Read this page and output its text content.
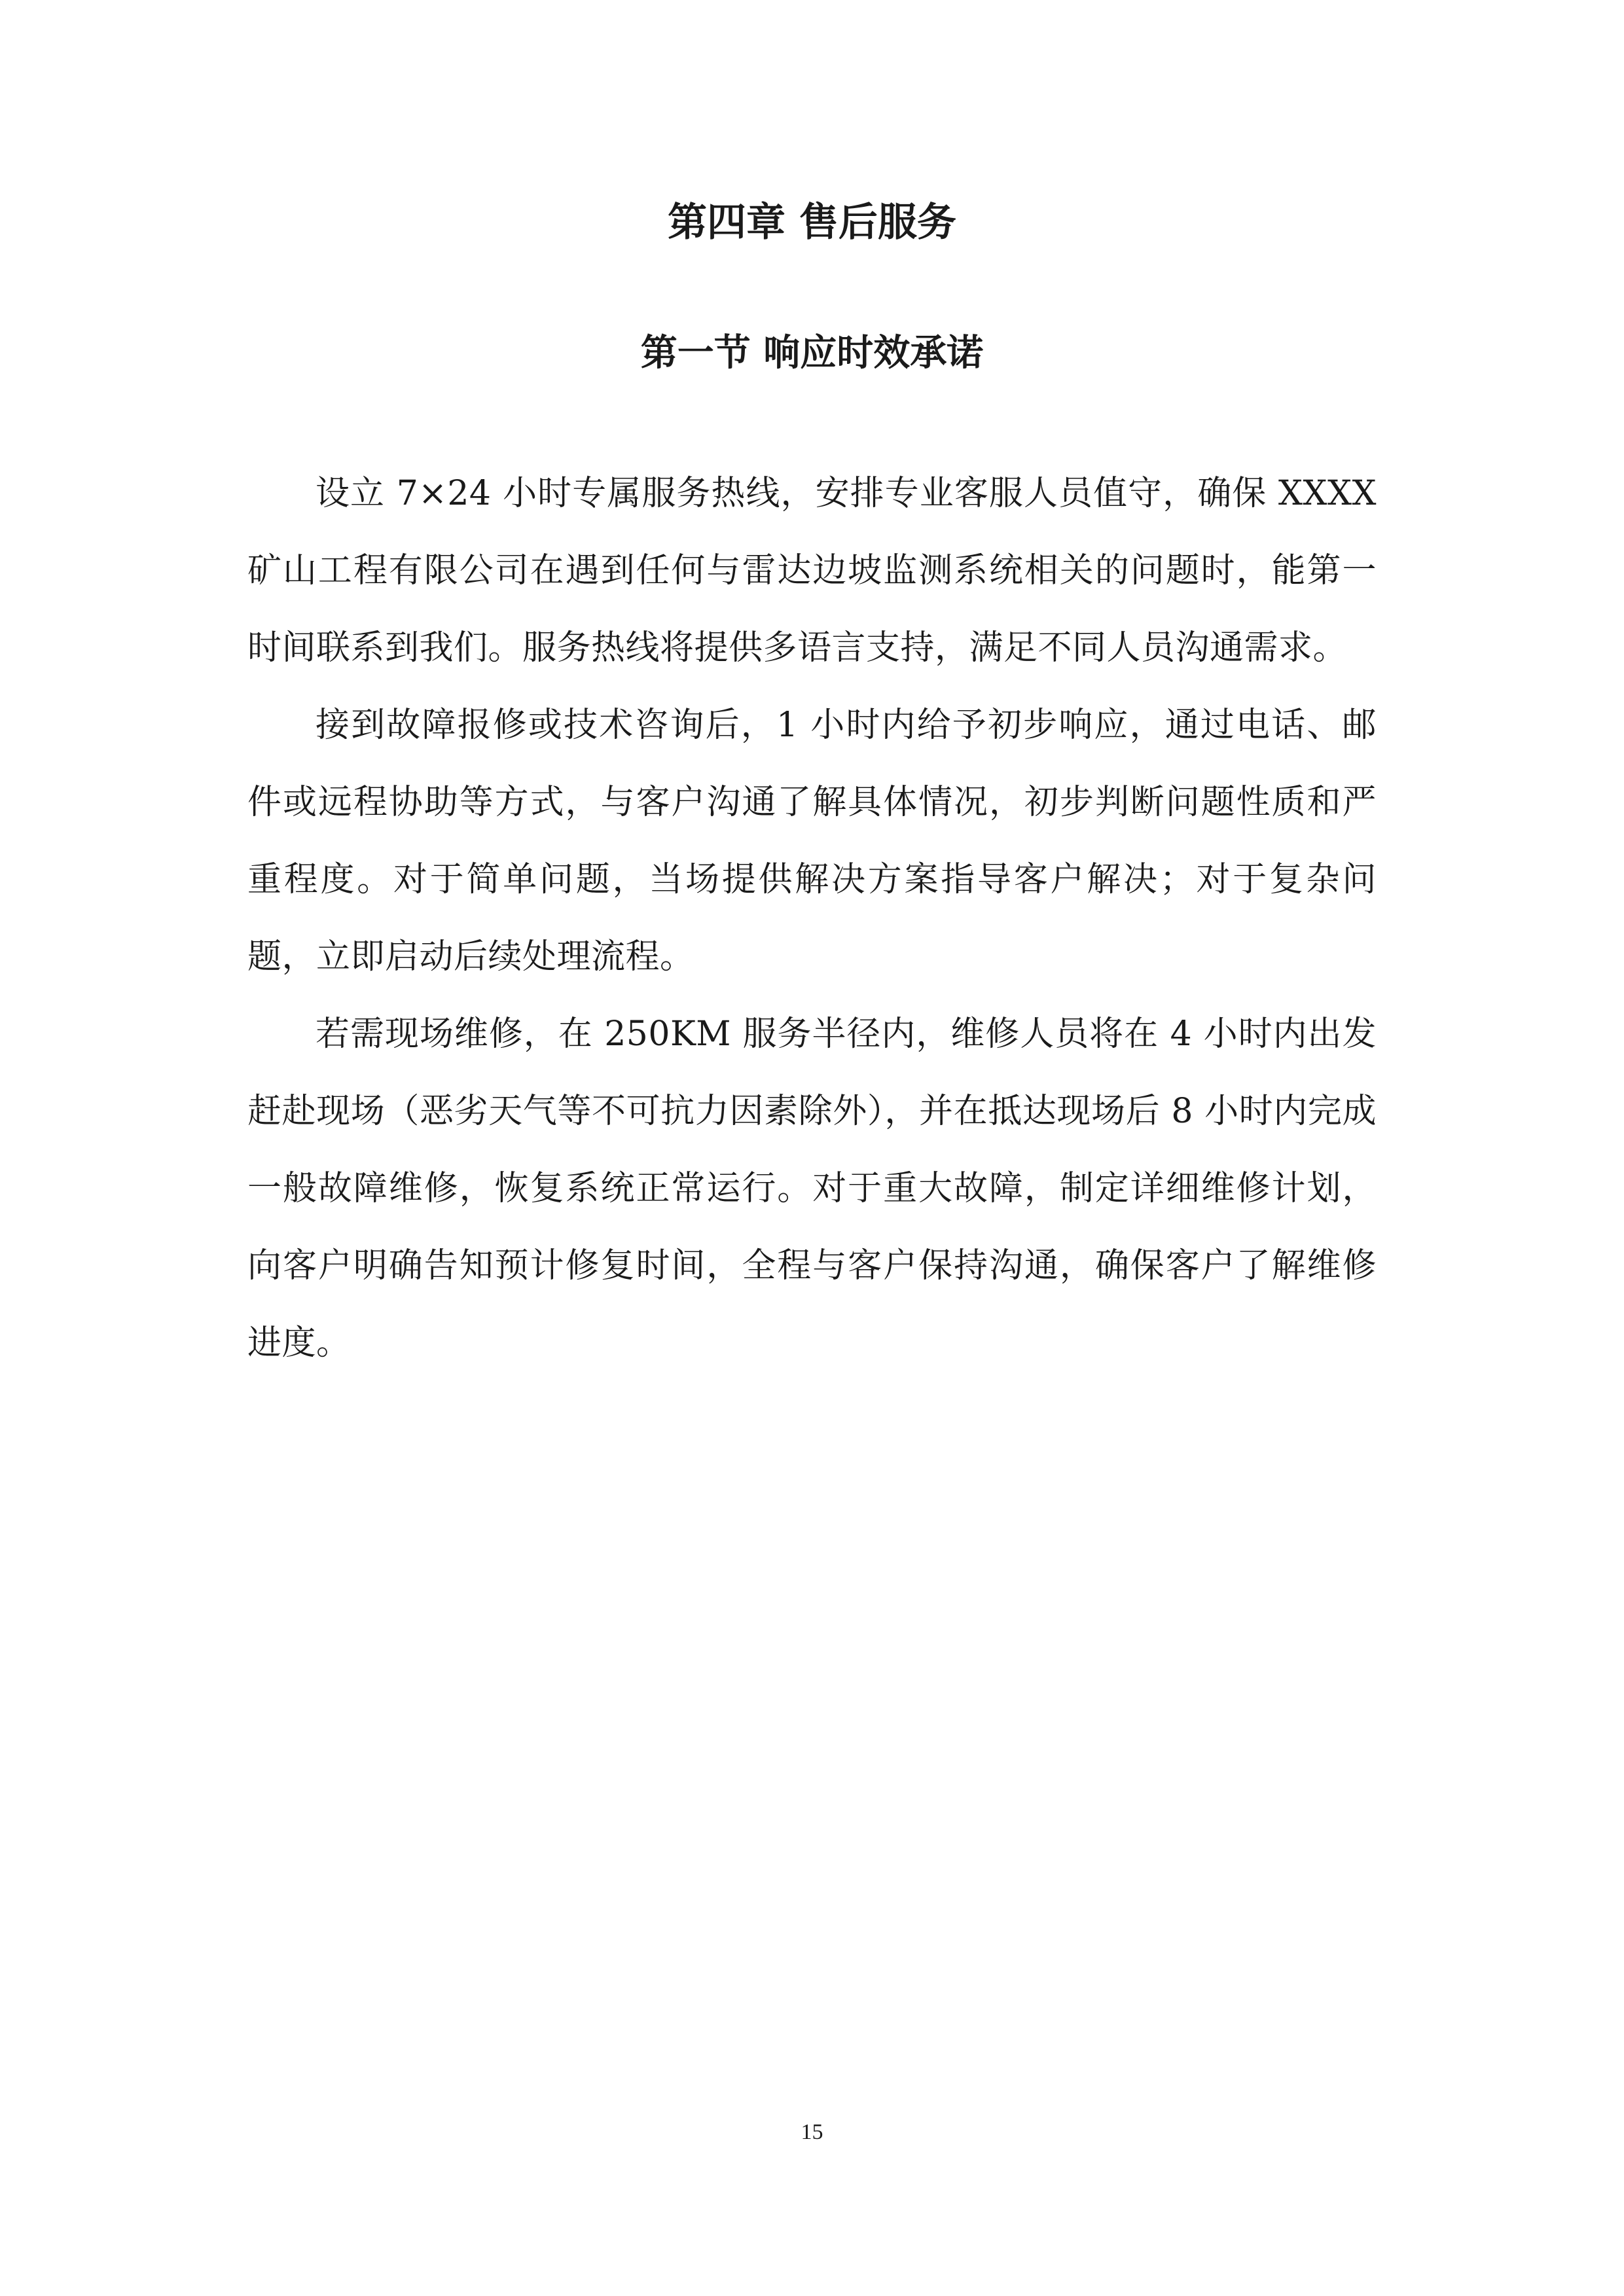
第四章 售后服务
第一节 响应时效承诺

设立 7×24 小时专属服务热线，安排专业客服人员值守，确保 XXXX 矿山工程有限公司在遇到任何与雷达边坡监测系统相关的问题时，能第一时间联系到我们。服务热线将提供多语言支持，满足不同人员沟通需求。

接到故障报修或技术咨询后，1 小时内给予初步响应，通过电话、邮件或远程协助等方式，与客户沟通了解具体情况，初步判断问题性质和严重程度。对于简单问题，当场提供解决方案指导客户解决；对于复杂问题，立即启动后续处理流程。

若需现场维修，在 250KM 服务半径内，维修人员将在 4 小时内出发赶赴现场（恶劣天气等不可抗力因素除外），并在抵达现场后 8 小时内完成一般故障维修，恢复系统正常运行。对于重大故障，制定详细维修计划，向客户明确告知预计修复时间，全程与客户保持沟通，确保客户了解维修进度。

15
